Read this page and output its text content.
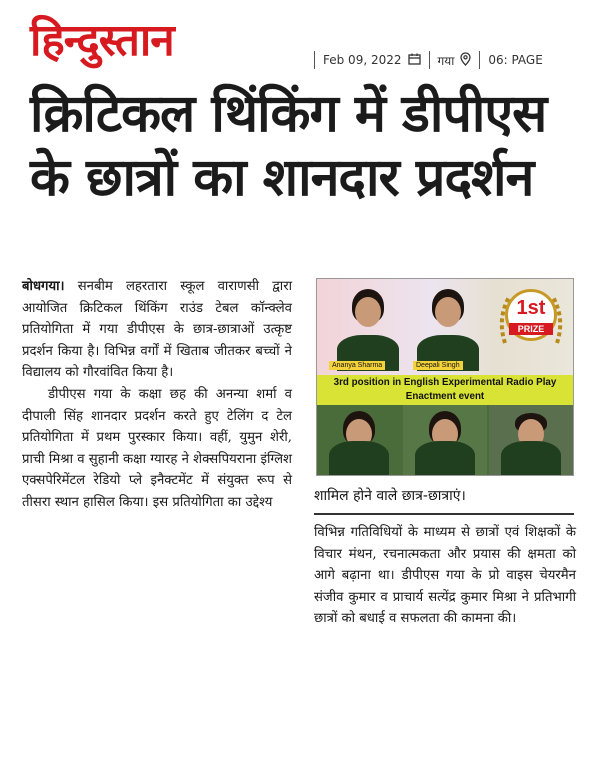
हिन्दुस्तान	Feb 09, 2022	गया	06: PAGE
क्रिटिकल थिंकिंग में डीपीएस
के छात्रों का शानदार प्रदर्शन

बोधगया। सनबीम लहरतारा स्कूल वाराणसी द्वारा आयोजित क्रिटिकल थिंकिंग राउंड टेबल कॉन्क्लेव प्रतियोगिता में गया डीपीएस के छात्र-छात्राओं उत्कृष्ट प्रदर्शन किया है। विभिन्न वर्गों में खिताब जीतकर बच्चों ने विद्यालय को गौरवांवित किया है।

डीपीएस गया के कक्षा छह की अनन्या शर्मा व दीपाली सिंह शानदार प्रदर्शन करते हुए टेलिंग द टेल प्रतियोगिता में प्रथम पुरस्कार किया। वहीं, युमुन शेरी, प्राची मिश्रा व सुहानी कक्षा ग्यारह ने शेक्सपियराना इंग्लिश एक्सपेरिमेंटल रेडियो प्ले इनैक्टमेंट में संयुक्त रूप से तीसरा स्थान हासिल किया। इस प्रतियोगिता का उद्देश्य

Ananya Sharma	Deepali Singh
1st
PRIZE
3rd position in English Experimental Radio Play
Enactment event
शामिल होने वाले छात्र-छात्राएं।

विभिन्न गतिविधियों के माध्यम से छात्रों एवं शिक्षकों के विचार मंथन, रचनात्मकता और प्रयास की क्षमता को आगे बढ़ाना था। डीपीएस गया के प्रो वाइस चेयरमैन संजीव कुमार व प्राचार्य सत्येंद्र कुमार मिश्रा ने प्रतिभागी छात्रों को बधाई व सफलता की कामना की।
